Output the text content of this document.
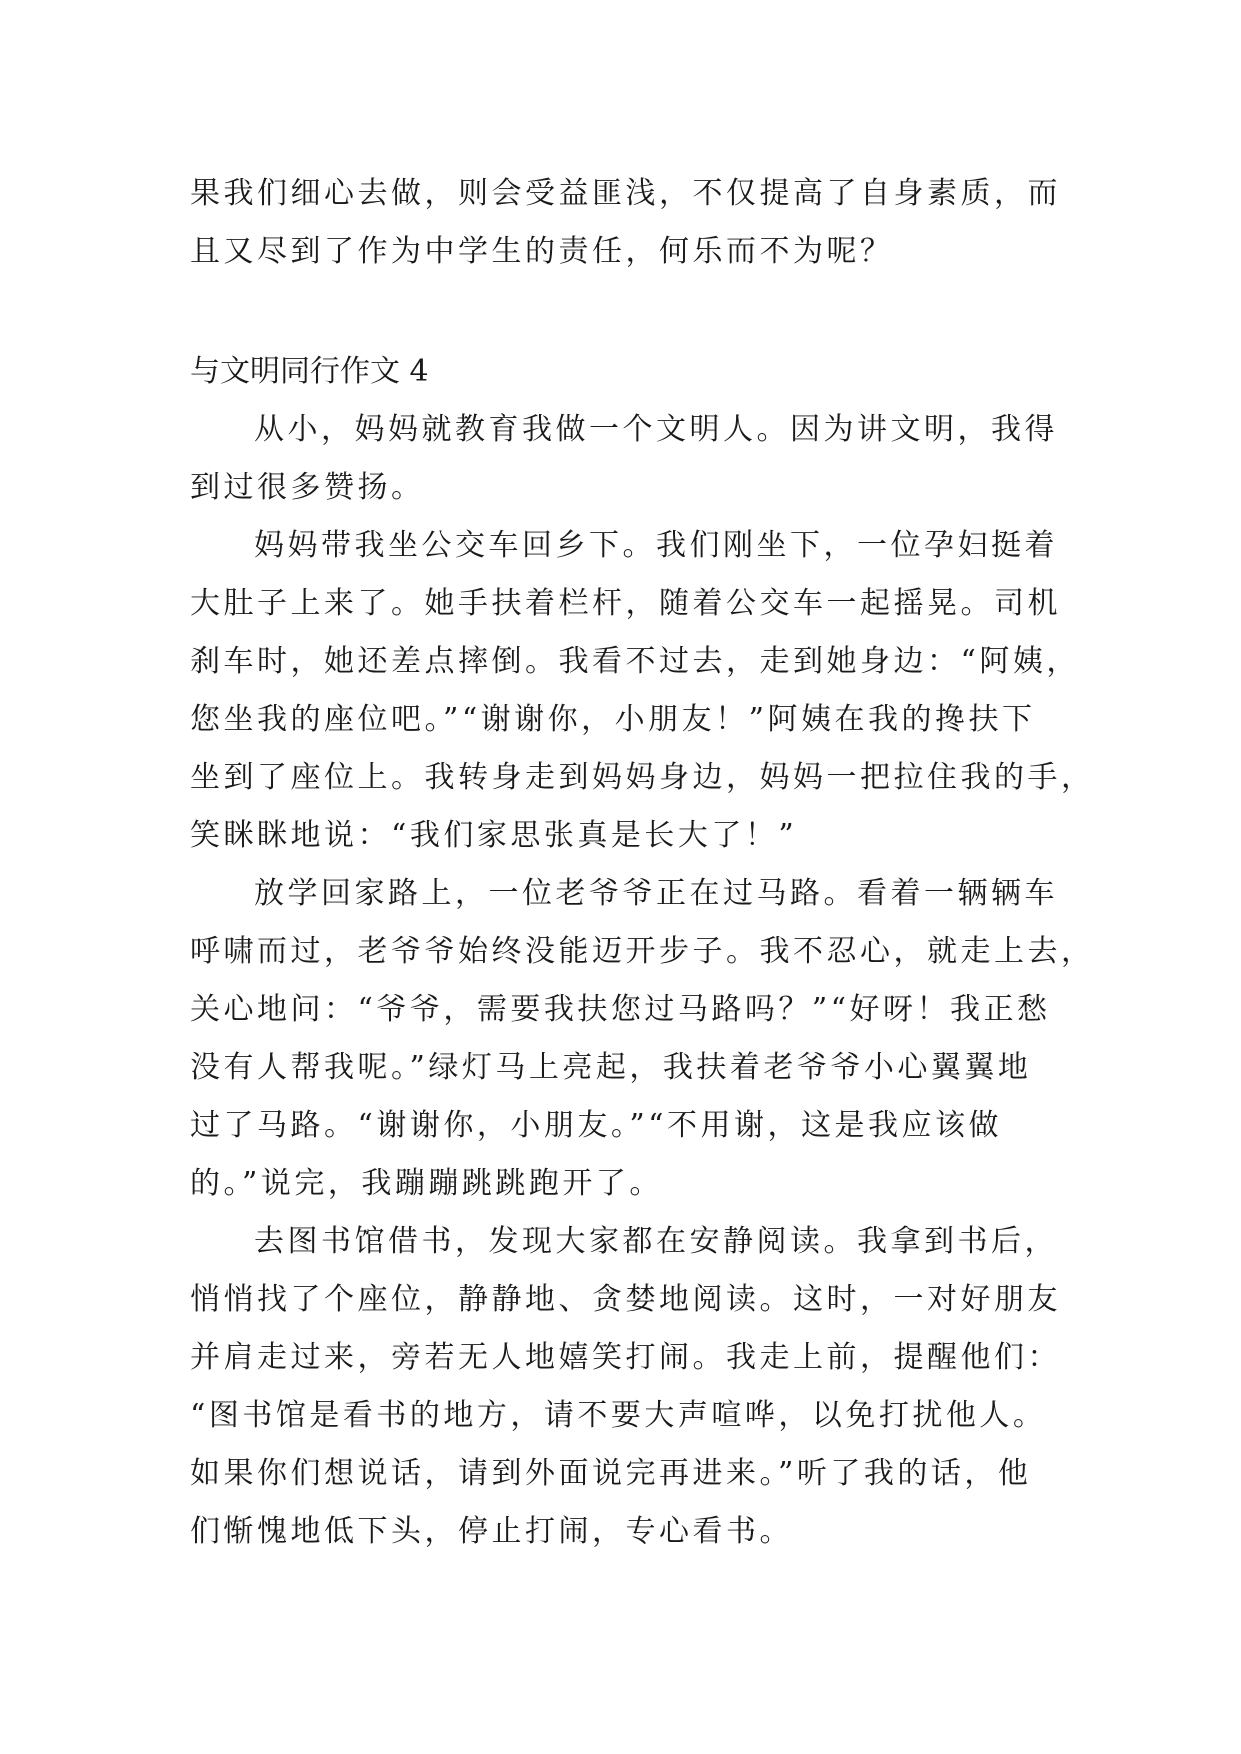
果我们细心去做，则会受益匪浅，不仅提高了自身素质，而
且又尽到了作为中学生的责任，何乐而不为呢？
与文明同行作文 4
从小，妈妈就教育我做一个文明人。因为讲文明，我得
到过很多赞扬。
妈妈带我坐公交车回乡下。我们刚坐下，一位孕妇挺着
大肚子上来了。她手扶着栏杆，随着公交车一起摇晃。司机
刹车时，她还差点摔倒。我看不过去，走到她身边：“阿姨，
您坐我的座位吧。”“谢谢你，小朋友！”阿姨在我的搀扶下
坐到了座位上。我转身走到妈妈身边，妈妈一把拉住我的手，
笑眯眯地说：“我们家思张真是长大了！”
放学回家路上，一位老爷爷正在过马路。看着一辆辆车
呼啸而过，老爷爷始终没能迈开步子。我不忍心，就走上去，
关心地问：“爷爷，需要我扶您过马路吗？”“好呀！我正愁
没有人帮我呢。”绿灯马上亮起，我扶着老爷爷小心翼翼地
过了马路。“谢谢你，小朋友。”“不用谢，这是我应该做
的。”说完，我蹦蹦跳跳跑开了。
去图书馆借书，发现大家都在安静阅读。我拿到书后，
悄悄找了个座位，静静地、贪婪地阅读。这时，一对好朋友
并肩走过来，旁若无人地嬉笑打闹。我走上前，提醒他们：
“图书馆是看书的地方，请不要大声喧哗，以免打扰他人。
如果你们想说话，请到外面说完再进来。”听了我的话，他
们惭愧地低下头，停止打闹，专心看书。
